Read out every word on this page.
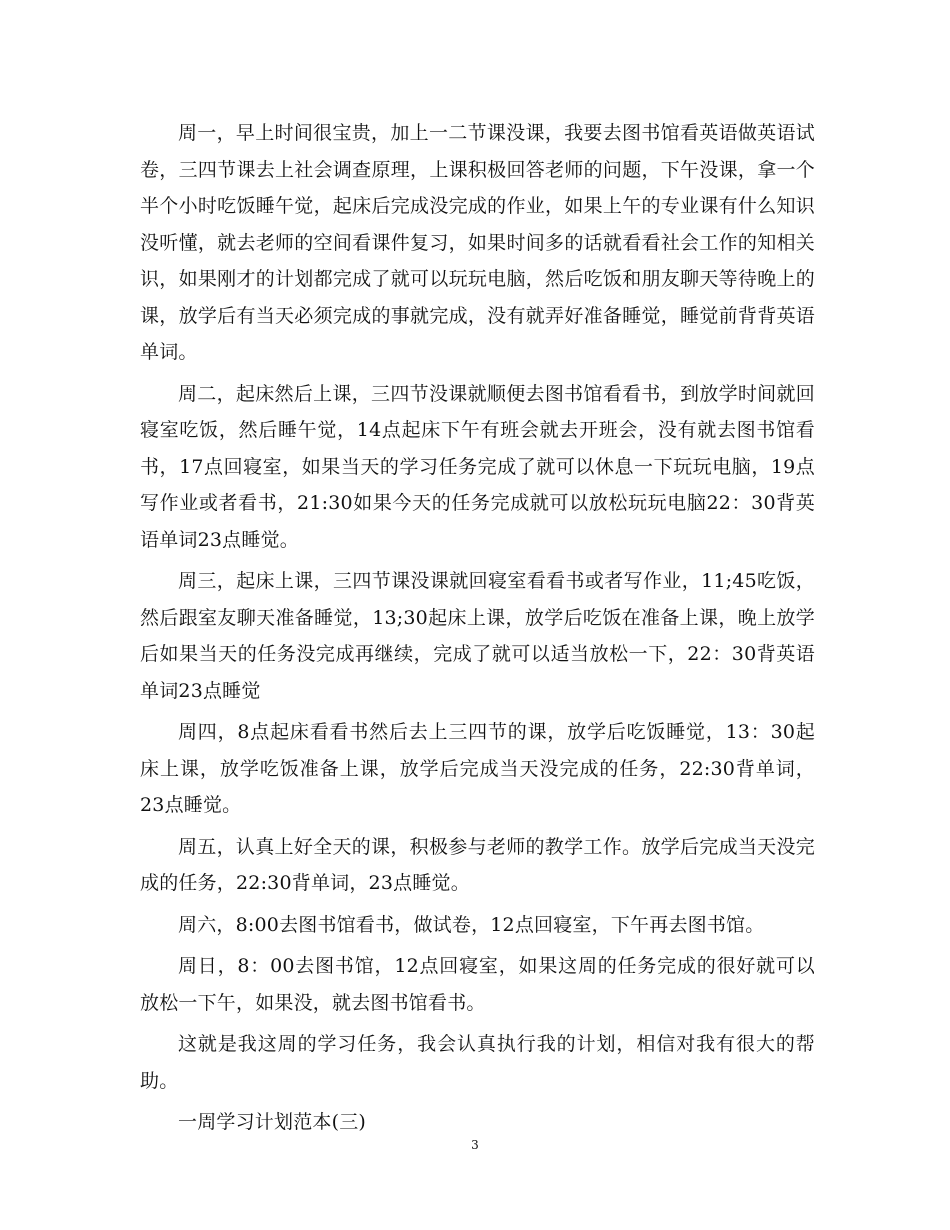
周一，早上时间很宝贵，加上一二节课没课，我要去图书馆看英语做英语试卷，三四节课去上社会调查原理，上课积极回答老师的问题，下午没课，拿一个半个小时吃饭睡午觉，起床后完成没完成的作业，如果上午的专业课有什么知识没听懂，就去老师的空间看课件复习，如果时间多的话就看看社会工作的知相关识，如果刚才的计划都完成了就可以玩玩电脑，然后吃饭和朋友聊天等待晚上的课，放学后有当天必须完成的事就完成，没有就弄好准备睡觉，睡觉前背背英语单词。

周二，起床然后上课，三四节没课就顺便去图书馆看看书，到放学时间就回寝室吃饭，然后睡午觉，14点起床下午有班会就去开班会，没有就去图书馆看书，17点回寝室，如果当天的学习任务完成了就可以休息一下玩玩电脑，19点写作业或者看书，21:30如果今天的任务完成就可以放松玩玩电脑22：30背英语单词23点睡觉。

周三，起床上课，三四节课没课就回寝室看看书或者写作业，11;45吃饭，然后跟室友聊天准备睡觉，13;30起床上课，放学后吃饭在准备上课，晚上放学后如果当天的任务没完成再继续，完成了就可以适当放松一下，22：30背英语单词23点睡觉

周四，8点起床看看书然后去上三四节的课，放学后吃饭睡觉，13：30起床上课，放学吃饭准备上课，放学后完成当天没完成的任务，22:30背单词，23点睡觉。

周五，认真上好全天的课，积极参与老师的教学工作。放学后完成当天没完成的任务，22:30背单词，23点睡觉。

周六，8:00去图书馆看书，做试卷，12点回寝室，下午再去图书馆。

周日，8：00去图书馆，12点回寝室，如果这周的任务完成的很好就可以放松一下午，如果没，就去图书馆看书。

这就是我这周的学习任务，我会认真执行我的计划，相信对我有很大的帮助。

一周学习计划范本(三)

3
